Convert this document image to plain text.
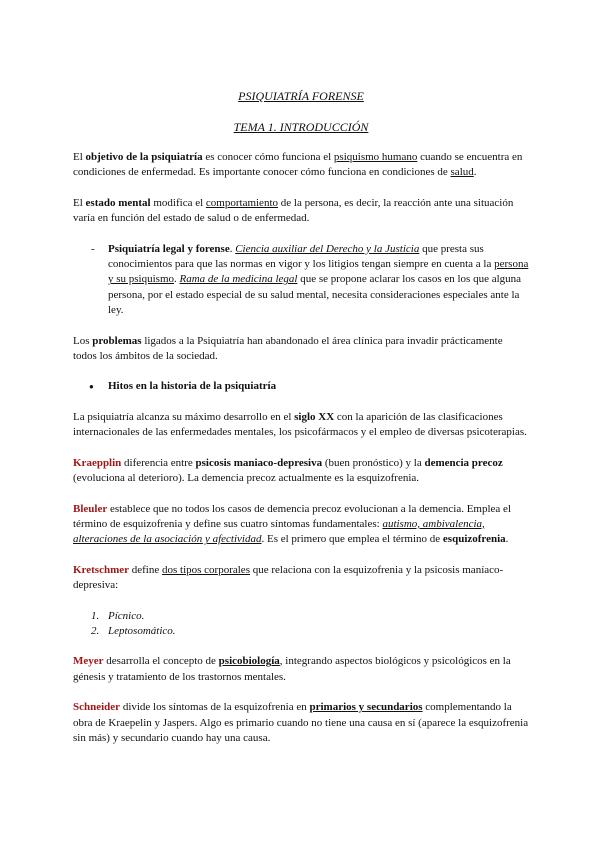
PSIQUIATRÍA FORENSE
TEMA 1. INTRODUCCIÓN

El objetivo de la psiquiatría es conocer cómo funciona el psiquismo humano cuando se encuentra en condiciones de enfermedad. Es importante conocer cómo funciona en condiciones de salud.

El estado mental modifica el comportamiento de la persona, es decir, la reacción ante una situación varía en función del estado de salud o de enfermedad.

- Psiquiatría legal y forense. Ciencia auxiliar del Derecho y la Justicia que presta sus conocimientos para que las normas en vigor y los litigios tengan siempre en cuenta a la persona y su psiquismo. Rama de la medicina legal que se propone aclarar los casos en los que alguna persona, por el estado especial de su salud mental, necesita consideraciones especiales ante la ley.

Los problemas ligados a la Psiquiatría han abandonado el área clínica para invadir prácticamente todos los ámbitos de la sociedad.

● Hitos en la historia de la psiquiatría

La psiquiatría alcanza su máximo desarrollo en el siglo XX con la aparición de las clasificaciones internacionales de las enfermedades mentales, los psicofármacos y el empleo de diversas psicoterapias.

Kraepplin diferencia entre psicosis maniaco-depresiva (buen pronóstico) y la demencia precoz (evoluciona al deterioro). La demencia precoz actualmente es la esquizofrenia.

Bleuler establece que no todos los casos de demencia precoz evolucionan a la demencia. Emplea el término de esquizofrenia y define sus cuatro síntomas fundamentales: autismo, ambivalencia, alteraciones de la asociación y afectividad. Es el primero que emplea el término de esquizofrenia.

Kretschmer define dos tipos corporales que relaciona con la esquizofrenia y la psicosis maníaco-depresiva:

1. Pícnico.
2. Leptosomático.

Meyer desarrolla el concepto de psicobiología, integrando aspectos biológicos y psicológicos en la génesis y tratamiento de los trastornos mentales.

Schneider divide los síntomas de la esquizofrenia en primarios y secundarios complementando la obra de Kraepelin y Jaspers. Algo es primario cuando no tiene una causa en sí (aparece la esquizofrenia sin más) y secundario cuando hay una causa.
